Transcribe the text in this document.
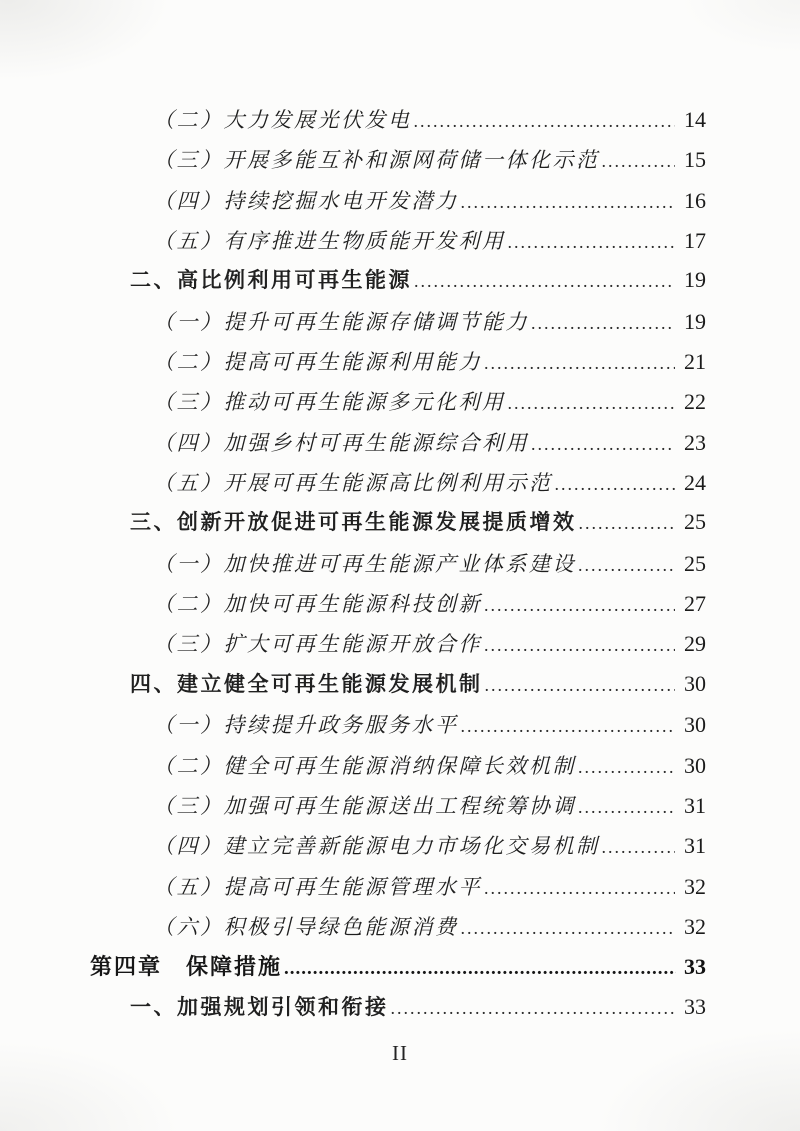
（二）大力发展光伏发电 .....	14
（三）开展多能互补和源网荷储一体化示范 .....	15
（四）持续挖掘水电开发潜力 .....	16
（五）有序推进生物质能开发利用 .....	17
二、高比例利用可再生能源 .....	19
（一）提升可再生能源存储调节能力 .....	19
（二）提高可再生能源利用能力 .....	21
（三）推动可再生能源多元化利用 .....	22
（四）加强乡村可再生能源综合利用 .....	23
（五）开展可再生能源高比例利用示范 .....	24
三、创新开放促进可再生能源发展提质增效 .....	25
（一）加快推进可再生能源产业体系建设 .....	25
（二）加快可再生能源科技创新 .....	27
（三）扩大可再生能源开放合作 .....	29
四、建立健全可再生能源发展机制 .....	30
（一）持续提升政务服务水平 .....	30
（二）健全可再生能源消纳保障长效机制 .....	30
（三）加强可再生能源送出工程统筹协调 .....	31
（四）建立完善新能源电力市场化交易机制 .....	31
（五）提高可再生能源管理水平 .....	32
（六）积极引导绿色能源消费 .....	32
第四章　保障措施 .....	33
一、加强规划引领和衔接 .....	33
II
